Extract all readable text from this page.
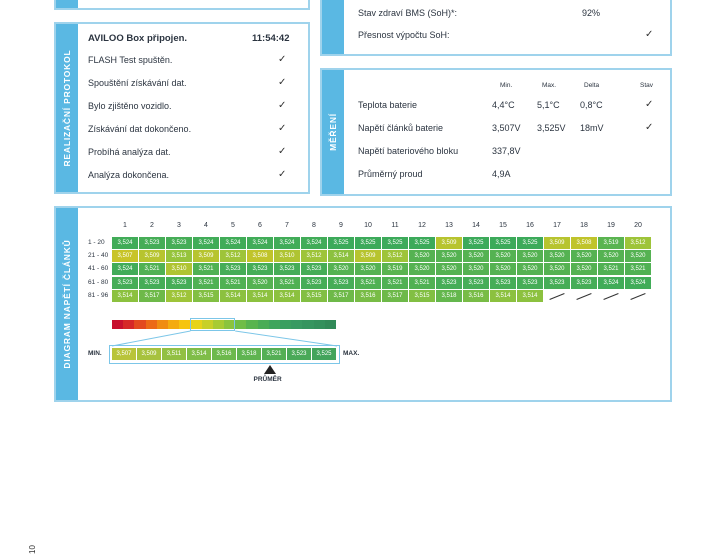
Stav zdraví BMS (SoH)*:	92%
Přesnost výpočtu SoH:	✓
REALIZAČNÍ PROTOKOL
AVILOO Box připojen.	11:54:42
FLASH Test spuštěn.	✓
Spouštění získávání dat.	✓
Bylo zjištěno vozidlo.	✓
Získávání dat dokončeno.	✓
Probíhá analýza dat.	✓
Analýza dokončena.	✓
MĚŘENÍ
Min.	Max.	Delta	Stav
Teplota baterie	4,4°C 5,1°C 0,8°C	✓
Napětí článků baterie	3,507V 3,525V 18mV	✓
Napětí bateriového bloku	337,8V
Průměrný proud	4,9A
DIAGRAM NAPĚTÍ ČLÁNKŮ
1	2	3	4	5	6	7	8	9	10	11	12	13	14	15	16	17	18	19	20
1 - 20	3,524	3,523	3,523	3,524	3,524	3,524	3,524	3,524	3,525	3,525	3,525	3,525	3,509	3,525	3,525	3,525	3,509	3,508	3,519	3,512
21 - 40	3,507	3,509	3,513	3,509	3,512	3,508	3,510	3,512	3,514	3,509	3,512	3,520	3,520	3,520	3,520	3,520	3,520	3,520	3,520	3,520
41 - 60	3,524	3,521	3,510	3,521	3,523	3,523	3,523	3,523	3,520	3,520	3,519	3,520	3,520	3,520	3,520	3,520	3,520	3,520	3,521	3,521
61 - 80	3,523	3,523	3,523	3,521	3,521	3,520	3,521	3,523	3,523	3,521	3,521	3,521	3,523	3,523	3,523	3,523	3,523	3,523	3,524	3,524
81 - 96	3,514	3,517	3,512	3,515	3,514	3,514	3,514	3,515	3,517	3,516	3,517	3,515	3,518	3,516	3,514	3,514
3,507	3,509	3,511	3,514	3,516	3,518	3,521	3,523	3,525
MIN.	MAX.
PRŮMĚR
10
